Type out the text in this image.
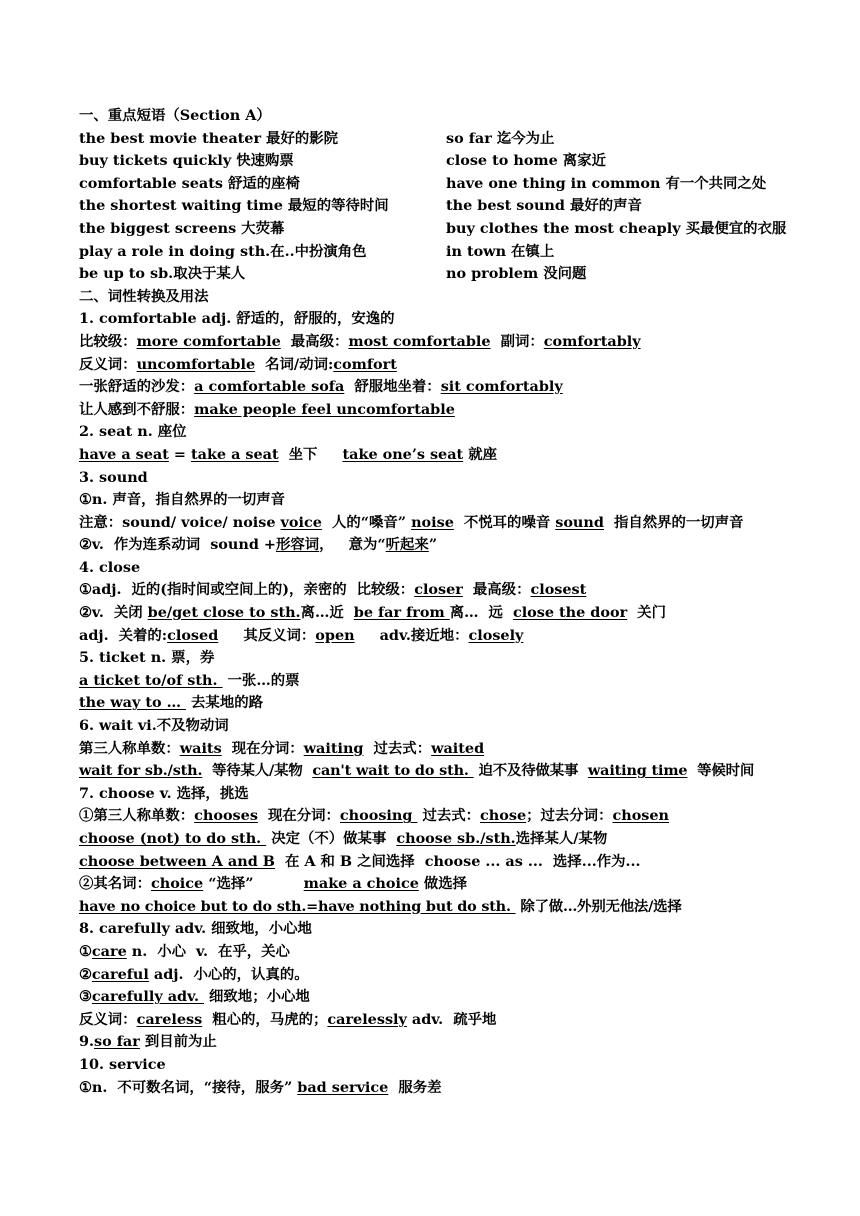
一、重点短语（Section A）
the best movie theater 最好的影院	so far 迄今为止
buy tickets quickly 快速购票	close to home 离家近
comfortable seats 舒适的座椅	have one thing in common 有一个共同之处
the shortest waiting time 最短的等待时间	the best sound 最好的声音
the biggest screens 大荧幕	buy clothes the most cheaply 买最便宜的衣服
play a role in doing sth.在..中扮演角色	in town 在镇上
be up to sb.取决于某人	no problem 没问题
二、词性转换及用法
1. comfortable adj. 舒适的，舒服的，安逸的
比较级：more comfortable  最高级：most comfortable  副词：comfortably
反义词：uncomfortable  名词/动词:comfort
一张舒适的沙发：a comfortable sofa  舒服地坐着：sit comfortably
让人感到不舒服：make people feel uncomfortable
2. seat n. 座位
have a seat = take a seat  坐下     take one’s seat 就座
3. sound
①n. 声音，指自然界的一切声音
注意：sound/ voice/ noise voice  人的“嗓音” noise  不悦耳的噪音 sound  指自然界的一切声音
②v.  作为连系动词  sound +形容词，   意为“听起来”
4. close
①adj.  近的(指时间或空间上的)，亲密的  比较级：closer  最高级：closest
②v.  关闭 be/get close to sth.离…近  be far from 离…  远  close the door  关门
adj.  关着的:closed     其反义词：open     adv.接近地：closely
5. ticket n. 票，券
a ticket to/of sth.  一张…的票
the way to …  去某地的路
6. wait vi.不及物动词
第三人称单数：waits  现在分词：waiting  过去式：waited
wait for sb./sth.  等待某人/某物  can't wait to do sth.  迫不及待做某事  waiting time  等候时间
7. choose v. 选择，挑选
①第三人称单数：chooses  现在分词：choosing  过去式：chose；过去分词：chosen
choose (not) to do sth.  决定（不）做某事  choose sb./sth.选择某人/某物
choose between A and B  在 A 和 B 之间选择  choose ... as ...  选择...作为...
②其名词：choice “选择”          make a choice 做选择
have no choice but to do sth.=have nothing but do sth.  除了做…外别无他法/选择
8. carefully adv. 细致地，小心地
①care n.  小心  v.  在乎，关心
②careful adj.  小心的，认真的。
③carefully adv.  细致地；小心地
反义词：careless  粗心的，马虎的；carelessly adv.  疏乎地
9.so far 到目前为止
10. service
①n.  不可数名词，“接待，服务” bad service  服务差
